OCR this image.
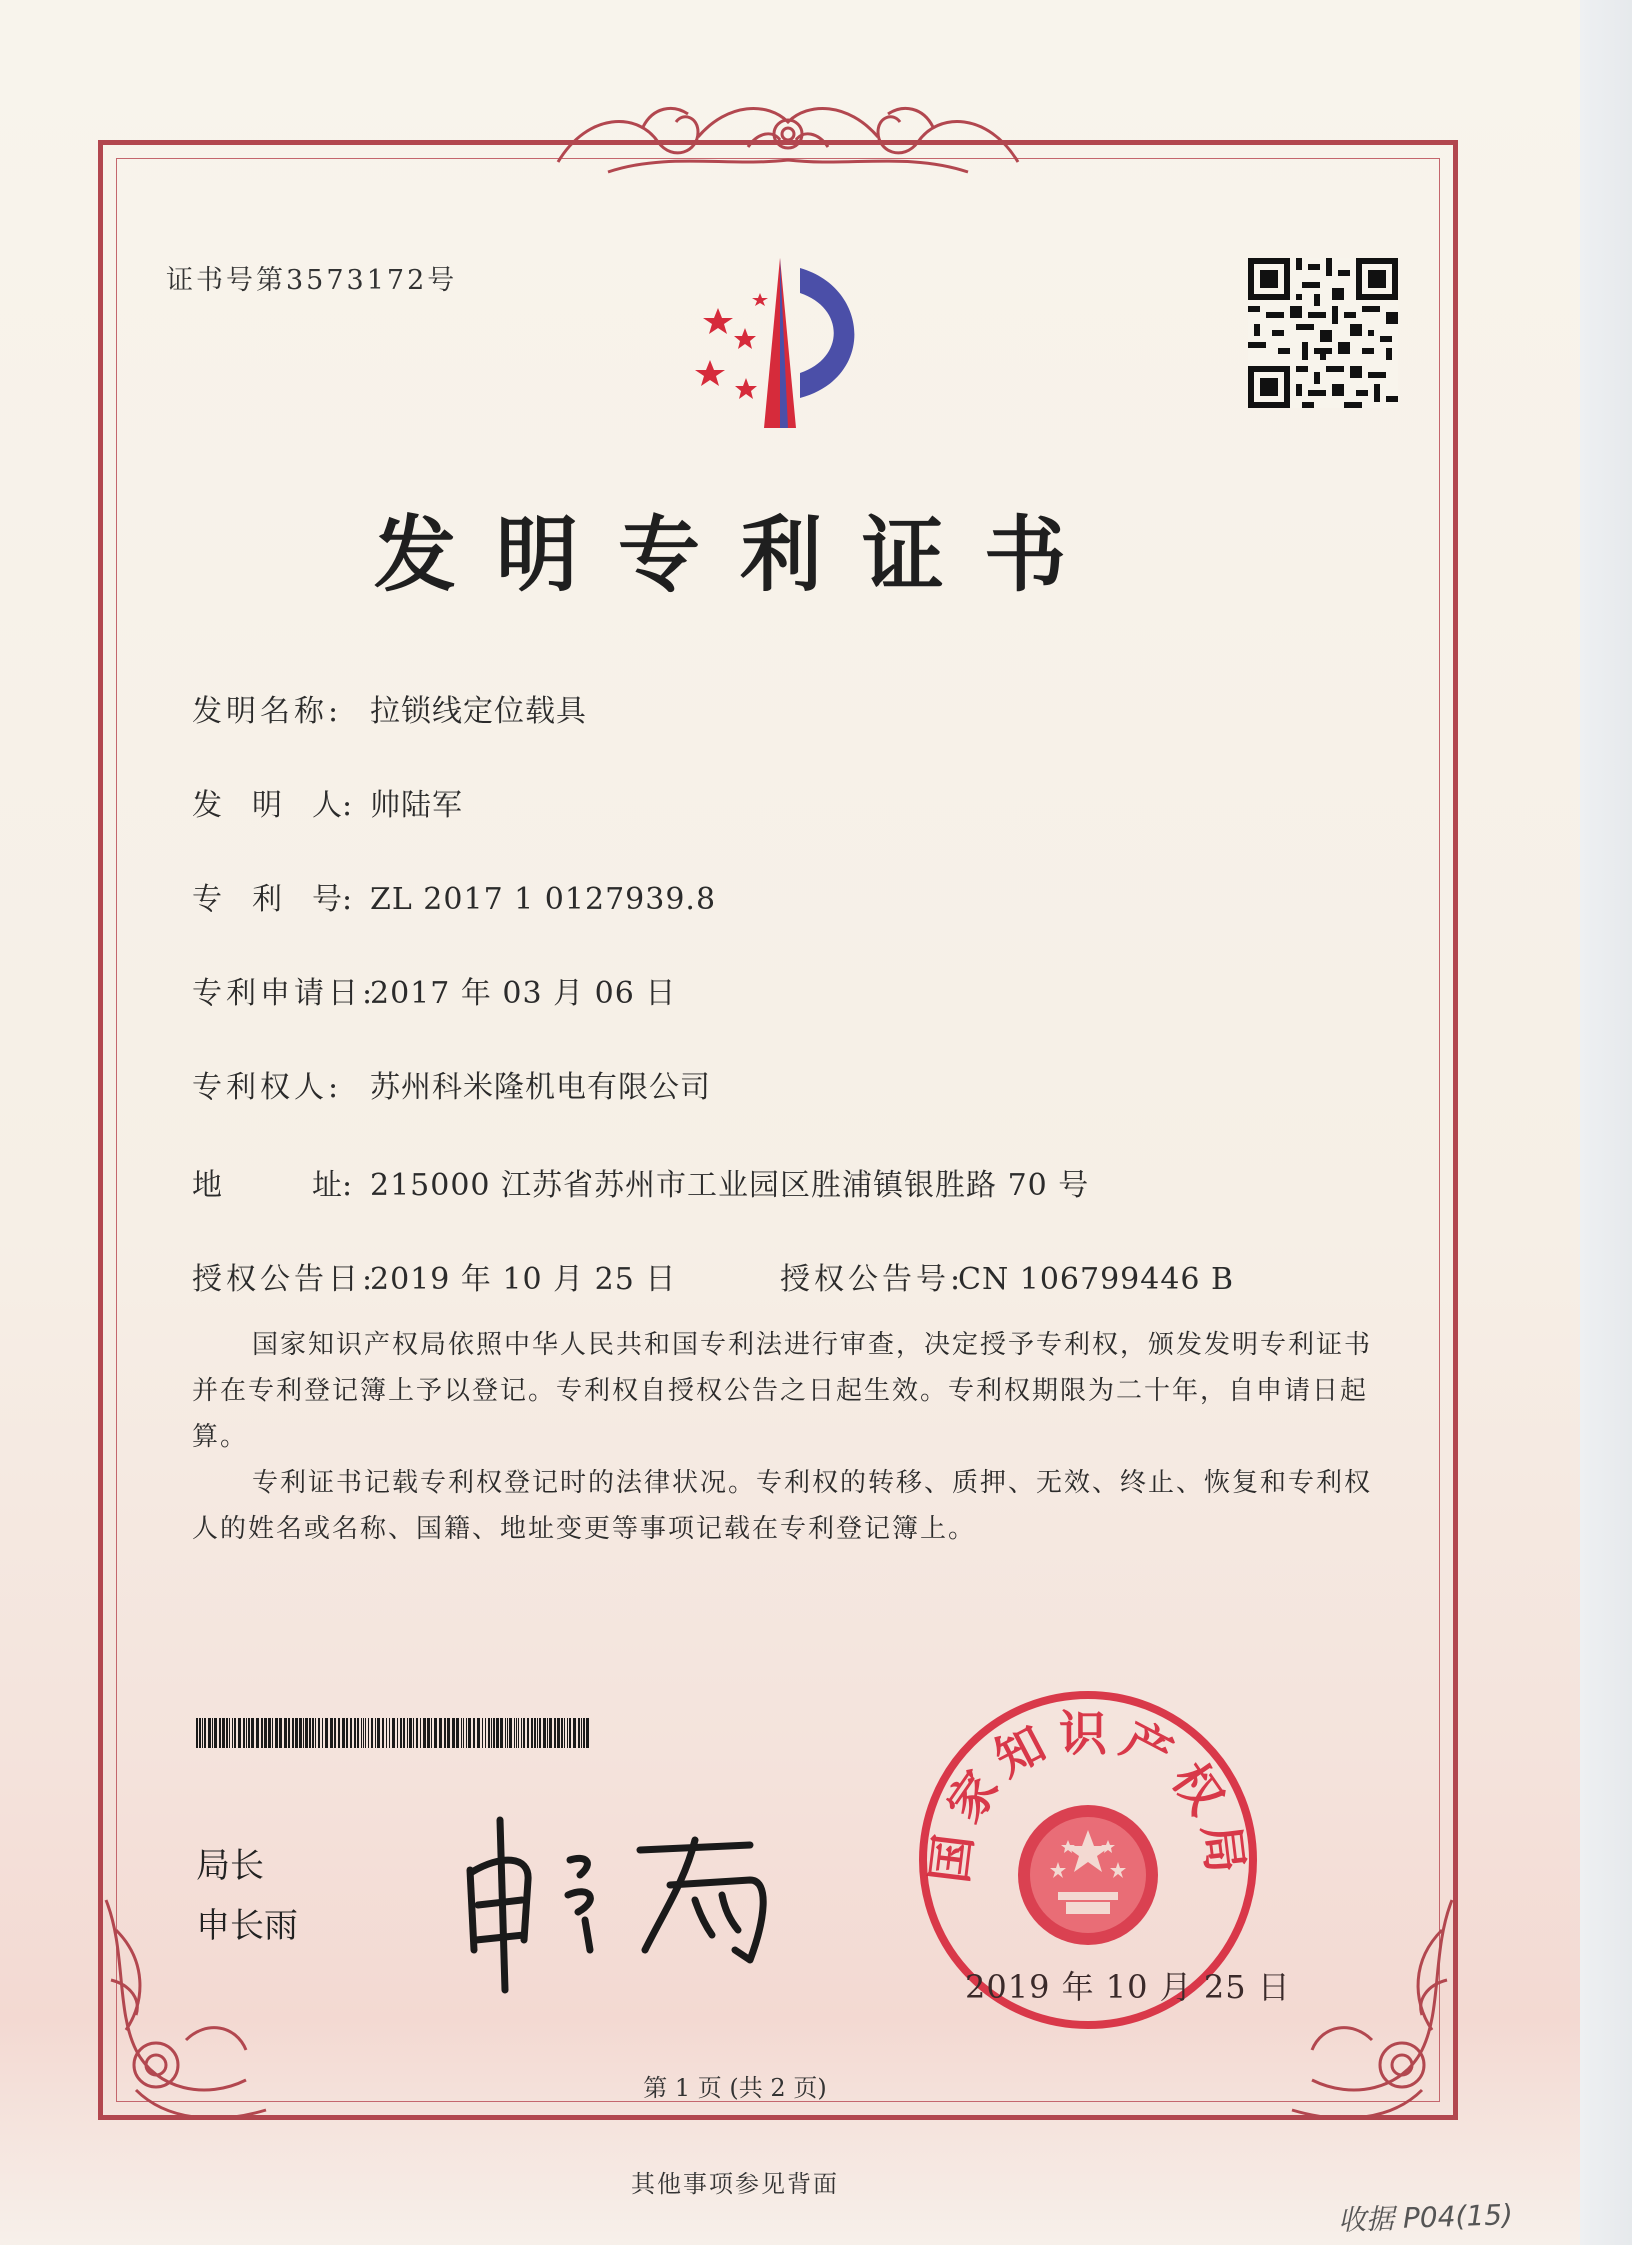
证书号第3573172号
发明专利证书
发明名称: 拉锁线定位载具
发　明　人: 帅陆军
专　利　号: ZL 2017 1 0127939.8
专利申请日:2017 年 03 月 06 日
专利权人: 苏州科米隆机电有限公司
地　　　址: 215000 江苏省苏州市工业园区胜浦镇银胜路 70 号
授权公告日:2019 年 10 月 25 日	授权公告号:CN 106799446 B
国家知识产权局依照中华人民共和国专利法进行审查，决定授予专利权，颁发发明专利证书并在专利登记簿上予以登记。专利权自授权公告之日起生效。专利权期限为二十年，自申请日起算。
专利证书记载专利权登记时的法律状况。专利权的转移、质押、无效、终止、恢复和专利权人的姓名或名称、国籍、地址变更等事项记载在专利登记簿上。
局长
申长雨
国家知识产权局
2019 年 10 月 25 日
第 1 页 (共 2 页)
其他事项参见背面
收据 P04(15)
